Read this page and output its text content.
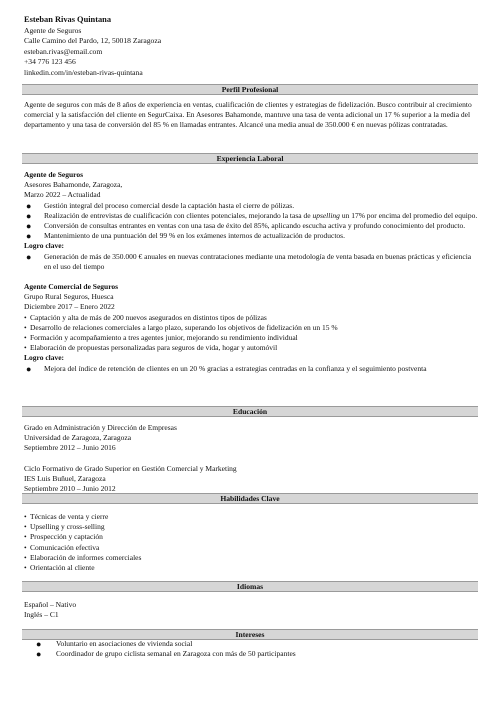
Esteban Rivas Quintana
Agente de Seguros
Calle Camino del Pardo, 12, 50018 Zaragoza
esteban.rivas@email.com
+34 776 123 456
linkedin.com/in/esteban-rivas-quintana
Perfil Profesional

Agente de seguros con más de 8 años de experiencia en ventas, cualificación de clientes y estrategias de fidelización. Busco contribuir al crecimiento comercial y la satisfacción del cliente en SegurCaixa. En Asesores Bahamonde, mantuve una tasa de venta adicional un 17 % superior a la media del departamento y una tasa de conversión del 85 % en llamadas entrantes. Alcancé una media anual de 350.000 € en nuevas pólizas contratadas.

Experiencia Laboral

Agente de Seguros

Asesores Bahamonde, Zaragoza,

Marzo 2022 – Actualidad

●	Gestión integral del proceso comercial desde la captación hasta el cierre de pólizas.
●	Realización de entrevistas de cualificación con clientes potenciales, mejorando la tasa de upselling un 17% por encima del promedio del equipo.
●	Conversión de consultas entrantes en ventas con una tasa de éxito del 85%, aplicando escucha activa y profundo conocimiento del producto.
●	Mantenimiento de una puntuación del 99 % en los exámenes internos de actualización de productos.

Logro clave:

●	Generación de más de 350.000 € anuales en nuevas contrataciones mediante una metodología de venta basada en buenas prácticas y eficiencia en el uso del tiempo

Agente Comercial de Seguros

Grupo Rural Seguros, Huesca

Diciembre 2017 – Enero 2022

• Captación y alta de más de 200 nuevos asegurados en distintos tipos de pólizas
• Desarrollo de relaciones comerciales a largo plazo, superando los objetivos de fidelización en un 15 %
• Formación y acompañamiento a tres agentes junior, mejorando su rendimiento individual
• Elaboración de propuestas personalizadas para seguros de vida, hogar y automóvil

Logro clave:

●	Mejora del índice de retención de clientes en un 20 % gracias a estrategias centradas en la confianza y el seguimiento postventa
Educación

Grado en Administración y Dirección de Empresas

Universidad de Zaragoza, Zaragoza

Septiembre 2012 – Junio 2016

Ciclo Formativo de Grado Superior en Gestión Comercial y Marketing

IES Luis Buñuel, Zaragoza

Septiembre 2010 – Junio 2012

Habilidades Clave
• Técnicas de venta y cierre
• Upselling y cross-selling
• Prospección y captación
• Comunicación efectiva
• Elaboración de informes comerciales
• Orientación al cliente
Idiomas

Español – Nativo

Inglés – C1

Intereses
●	Voluntario en asociaciones de vivienda social
●	Coordinador de grupo ciclista semanal en Zaragoza con más de 50 participantes
